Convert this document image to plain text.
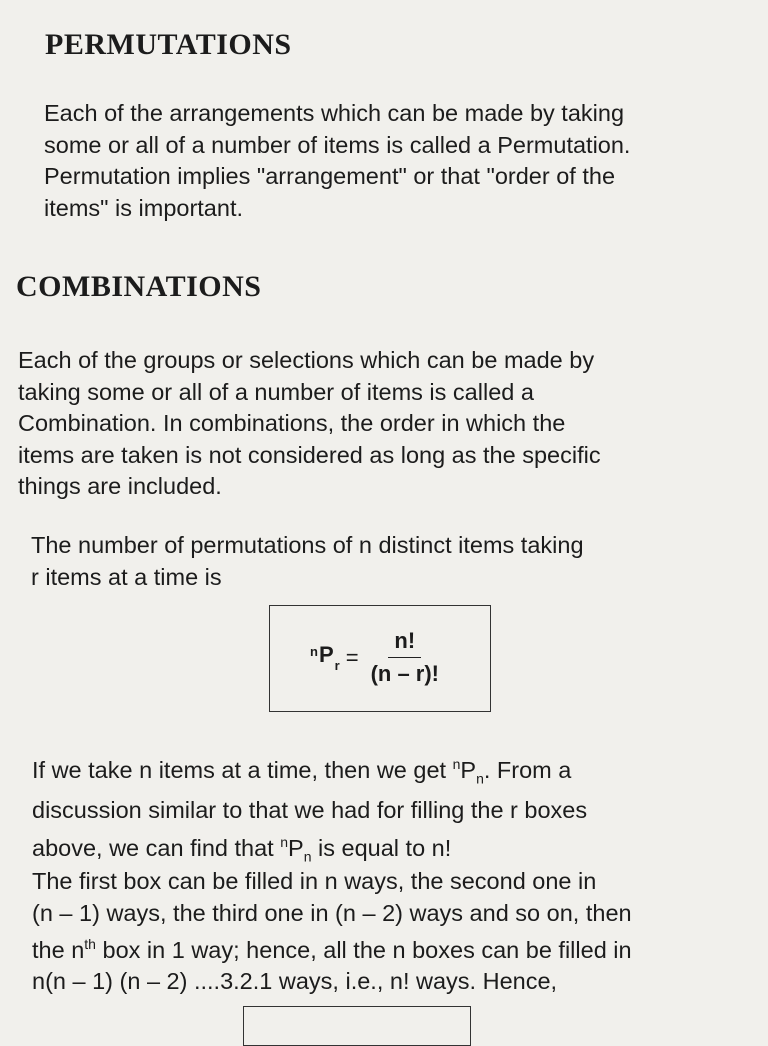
PERMUTATIONS

Each of the arrangements which can be made by taking
some or all of a number of items is called a Permutation.
Permutation implies "arrangement" or that "order of the
items" is important.

COMBINATIONS

Each of the groups or selections which can be made by
taking some or all of a number of items is called a
Combination. In combinations, the order in which the
items are taken is not considered as long as the specific
things are included.

The number of permutations of n distinct items taking
r items at a time is

n $P_r = \frac{n!}{(n - r)!}$

If we take n items at a time, then we get $^nP_n$. From a
discussion similar to that we had for filling the r boxes
above, we can find that $^nP_n$ is equal to n!

The first box can be filled in n ways, the second one in
(n – 1) ways, the third one in (n – 2) ways and so on, then
the $n^{th}$ box in 1 way; hence, all the n boxes can be filled in
n(n – 1) (n – 2) ....3.2.1 ways, i.e., n! ways. Hence,
